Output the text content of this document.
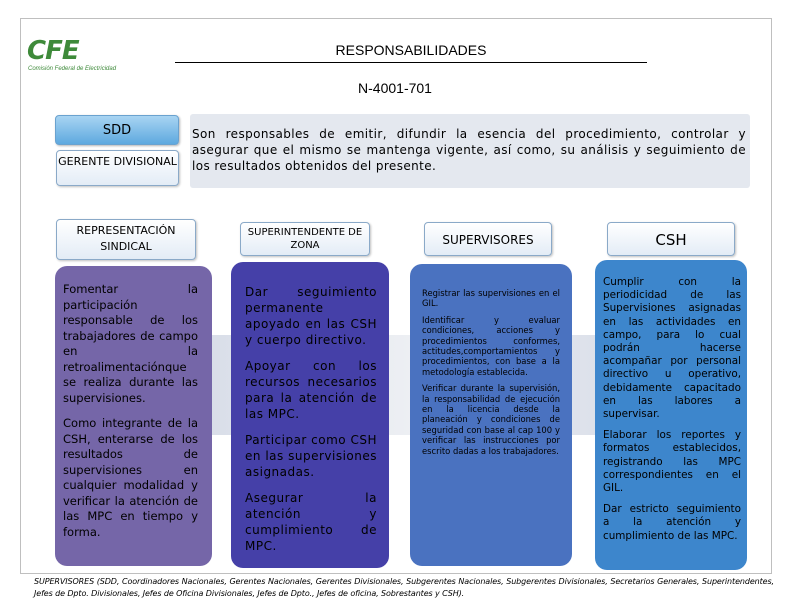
CFE
Comisión Federal de Electricidad
RESPONSABILIDADES
N-4001-701
SDD
GERENTE DIVISIONAL
Son responsables de emitir, difundir la esencia del procedimiento, controlar y asegurar que el mismo se mantenga vigente, así como, su análisis y seguimiento de los resultados obtenidos del presente.
REPRESENTACIÓN SINDICAL
SUPERINTENDENTE DE ZONA	SUPERVISORES	CSH

Fomentar la participación responsable de los trabajadores de campo en la retroalimentaciónque se realiza durante las supervisiones.

Como integrante de la CSH, enterarse de los resultados de supervisiones en cualquier modalidad y verificar la atención de las MPC en tiempo y forma.

Dar seguimiento permanente apoyado en las CSH y cuerpo directivo.

Apoyar con los recursos necesarios para la atención de las MPC.

Participar como CSH en las supervisiones asignadas.

Asegurar la atención y cumplimiento de MPC.

Registrar las supervisiones en el GIL.

Identificar y evaluar condiciones, acciones y procedimientos conformes, actitudes,comportamientos y procedimientos, con base a la metodología establecida.

Verificar durante la supervisión, la responsabilidad de ejecución en la licencia desde la planeación y condiciones de seguridad con base al cap 100 y verificar las instrucciones por escrito dadas a los trabajadores.

Cumplir con la periodicidad de las Supervisiones asignadas en las actividades en campo, para lo cual podrán hacerse acompañar por personal directivo u operativo, debidamente capacitado en las labores a supervisar.

Elaborar los reportes y formatos establecidos, registrando las MPC correspondientes en el GIL.

Dar estricto seguimiento a la atención y cumplimiento de las MPC.

SUPERVISORES (SDD, Coordinadores Nacionales, Gerentes Nacionales, Gerentes Divisionales, Subgerentes Nacionales, Subgerentes Divisionales, Secretarios Generales, Superintendentes, Jefes de Dpto. Divisionales, Jefes de Oficina Divisionales, Jefes de Dpto., Jefes de oficina, Sobrestantes y CSH).
